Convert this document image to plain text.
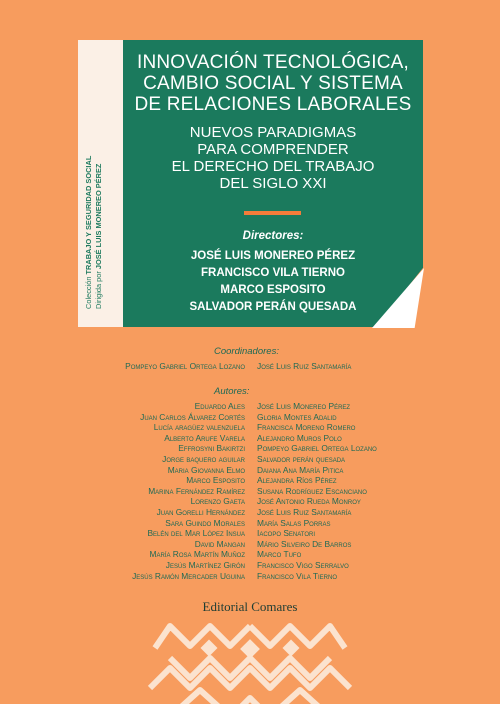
Colección TRABAJO Y SEGURIDAD SOCIAL
Dirigida por JOSÉ LUIS MONEREO PÉREZ
INNOVACIÓN TECNOLÓGICA,
CAMBIO SOCIAL Y SISTEMA
DE RELACIONES LABORALES
NUEVOS PARADIGMAS
PARA COMPRENDER
EL DERECHO DEL TRABAJO
DEL SIGLO XXI
Directores:
JOSÉ LUIS MONEREO PÉREZ
FRANCISCO VILA TIERNO
MARCO ESPOSITO
SALVADOR PERÁN QUESADA
Coordinadores:
Pompeyo Gabriel Ortega Lozano José Luis Ruiz Santamaría
Autores:
Eduardo Ales
Juan Carlos Álvarez Cortés
Lucía aragüez valenzuela
Alberto Arufe Varela
Effrosyni Bakirtzi
Jorge baquero aguilar
Maria Giovanna Elmo
Marco Esposito
Marina Fernández Ramírez
Lorenzo Gaeta
Juan Gorelli Hernández
Sara Guindo Morales
Belén del Mar López Insua
David Mangan
María Rosa Martín Muñoz
Jesús Martínez Girón
Jesús Ramón Mercader Uguina
José Luis Monereo Pérez
Gloria Montes Adalid
Francisca Moreno Romero
Alejandro Muros Polo
Pompeyo Gabriel Ortega Lozano
Salvador perán quesada
Daiana Ana María Pitica
Alejandra Ríos Pérez
Susana Rodríguez Escanciano
José Antonio Rueda Monroy
José Luis Ruiz Santamaría
María Salas Porras
Iacopo Senatori
Mário Silveiro De Barros
Marco Tufo
Francisco Vigo Serralvo
Francisco Vila Tierno
Editorial Comares
